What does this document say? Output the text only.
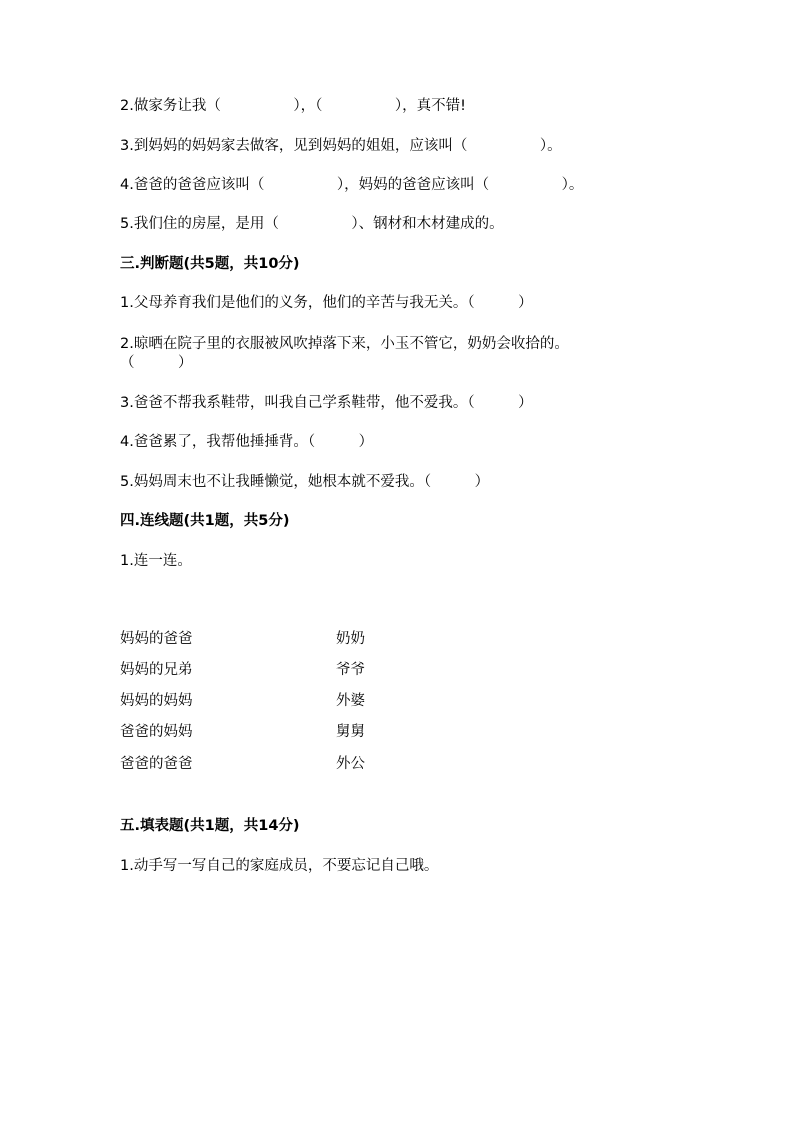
2.做家务让我（　　　　　），（　　　　　），真不错!
3.到妈妈的妈妈家去做客，见到妈妈的姐姐，应该叫（　　　　　）。
4.爸爸的爸爸应该叫（　　　　　），妈妈的爸爸应该叫（　　　　　）。
5.我们住的房屋，是用（　　　　　）、钢材和木材建成的。
三.判断题(共5题，共10分)
1.父母养育我们是他们的义务，他们的辛苦与我无关。（　　　）
2.晾晒在院子里的衣服被风吹掉落下来，小玉不管它，奶奶会收拾的。
（　　　）
3.爸爸不帮我系鞋带，叫我自己学系鞋带，他不爱我。（　　　）
4.爸爸累了，我帮他捶捶背。（　　　）
5.妈妈周末也不让我睡懒觉，她根本就不爱我。（　　　）
四.连线题(共1题，共5分)
1.连一连。
妈妈的爸爸
妈妈的兄弟
妈妈的妈妈
爸爸的妈妈
爸爸的爸爸
奶奶
爷爷
外婆
舅舅
外公
五.填表题(共1题，共14分)
1.动手写一写自己的家庭成员，不要忘记自己哦。
